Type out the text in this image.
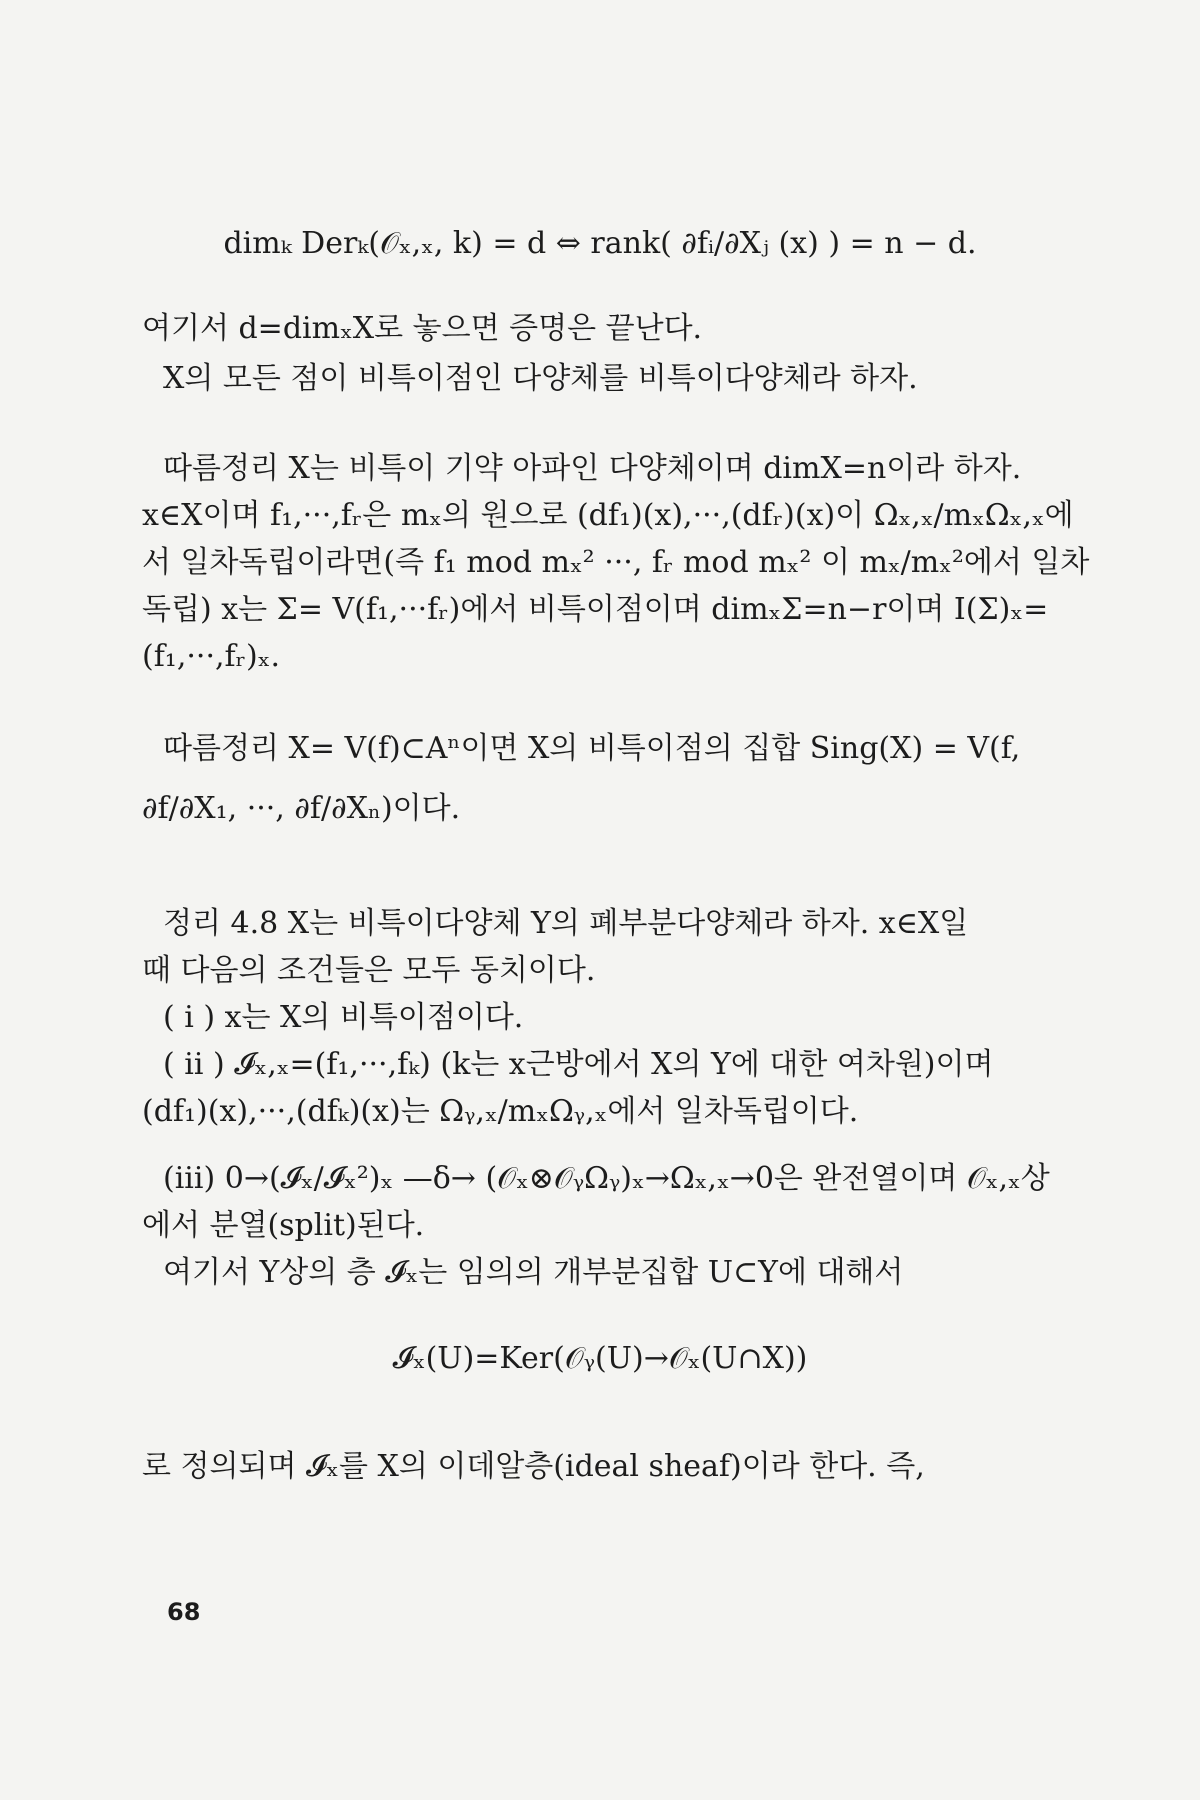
dimₖ Derₖ(𝒪ₓ,ₓ, k) = d ⇔ rank( ∂fᵢ/∂Xⱼ (x) ) = n − d.
여기서 d=dimₓX로 놓으면 증명은 끝난다.
X의 모든 점이 비특이점인 다양체를 비특이다양체라 하자.
따름정리 X는 비특이 기약 아파인 다양체이며 dimX=n이라 하자.
x∈X이며 f₁,···,fᵣ은 mₓ의 원으로 (df₁)(x),···,(dfᵣ)(x)이 Ωₓ,ₓ/mₓΩₓ,ₓ에
서 일차독립이라면(즉 f₁ mod mₓ² ···, fᵣ mod mₓ² 이 mₓ/mₓ²에서 일차
독립) x는 Σ= V(f₁,···fᵣ)에서 비특이점이며 dimₓΣ=n−r이며 I(Σ)ₓ=
(f₁,···,fᵣ)ₓ.
따름정리 X= V(f)⊂Aⁿ이면 X의 비특이점의 집합 Sing(X) = V(f,
∂f/∂X₁, ···, ∂f/∂Xₙ)이다.
정리 4.8 X는 비특이다양체 Y의 폐부분다양체라 하자. x∈X일
때 다음의 조건들은 모두 동치이다.
( i ) x는 X의 비특이점이다.
( ii ) 𝓘ₓ,ₓ=(f₁,···,fₖ) (k는 x근방에서 X의 Y에 대한 여차원)이며
(df₁)(x),···,(dfₖ)(x)는 Ωᵧ,ₓ/mₓΩᵧ,ₓ에서 일차독립이다.
(iii) 0→(𝓘ₓ/𝓘ₓ²)ₓ —δ→ (𝒪ₓ⊗𝒪ᵧΩᵧ)ₓ→Ωₓ,ₓ→0은 완전열이며 𝒪ₓ,ₓ상
에서 분열(split)된다.
여기서 Y상의 층 𝓘ₓ는 임의의 개부분집합 U⊂Y에 대해서
𝓘ₓ(U)=Ker(𝒪ᵧ(U)→𝒪ₓ(U∩X))
로 정의되며 𝓘ₓ를 X의 이데알층(ideal sheaf)이라 한다. 즉,
68
